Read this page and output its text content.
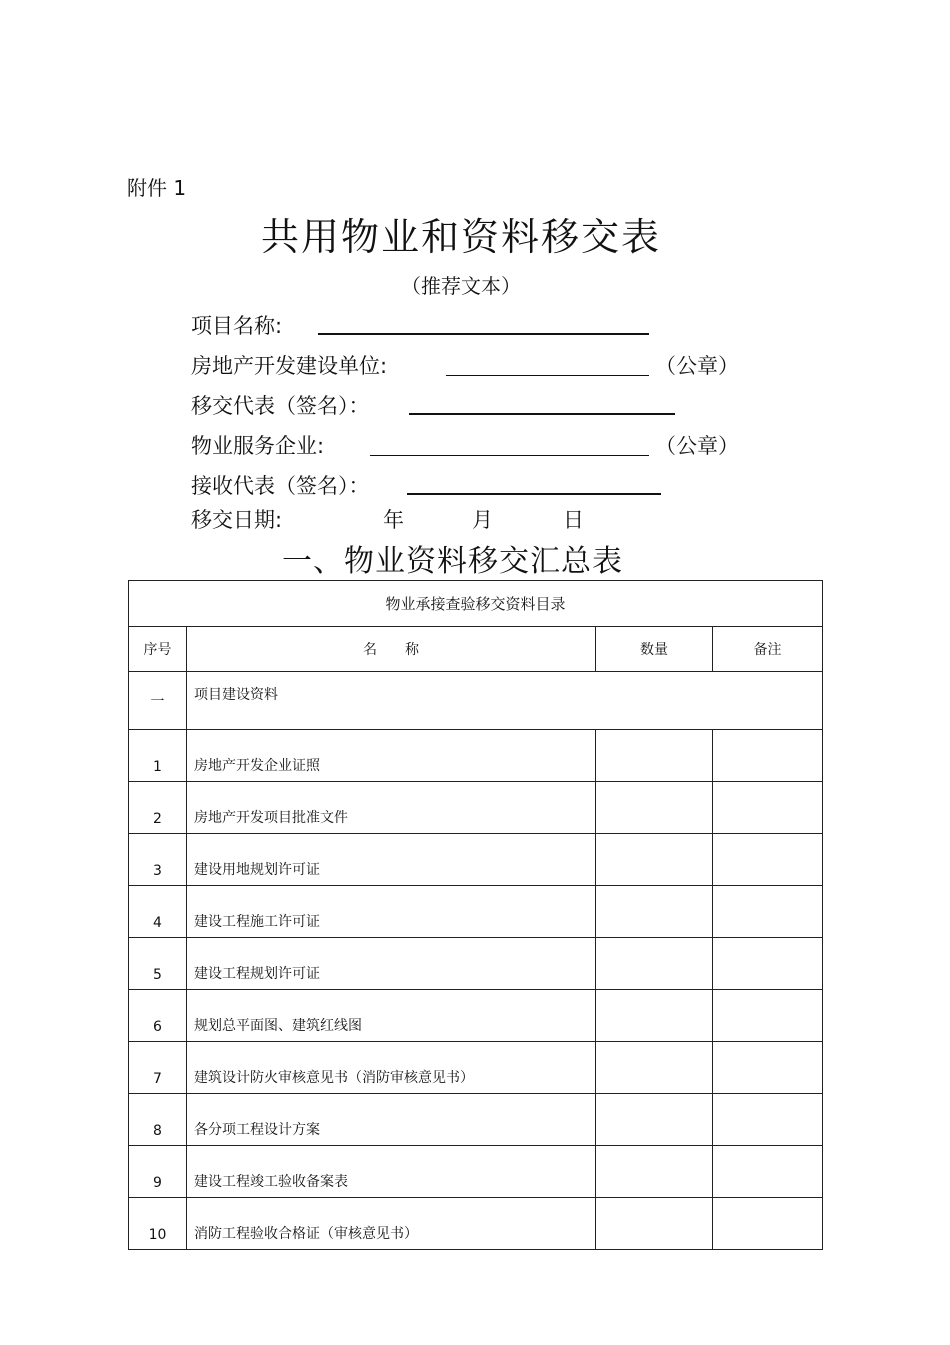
附件 1
共用物业和资料移交表
（推荐文本）
项目名称:
房地产开发建设单位:	（公章）
移交代表（签名）：
物业服务企业:	（公章）
接收代表（签名）：
移交日期:	年	月	日
一、物业资料移交汇总表
物业承接查验移交资料目录			
序号	名　　称	数量	备注
一	项目建设资料		
1	房地产开发企业证照		
2	房地产开发项目批准文件		
3	建设用地规划许可证		
4	建设工程施工许可证		
5	建设工程规划许可证		
6	规划总平面图、建筑红线图		
7	建筑设计防火审核意见书（消防审核意见书）		
8	各分项工程设计方案		
9	建设工程竣工验收备案表		
10	消防工程验收合格证（审核意见书）		
